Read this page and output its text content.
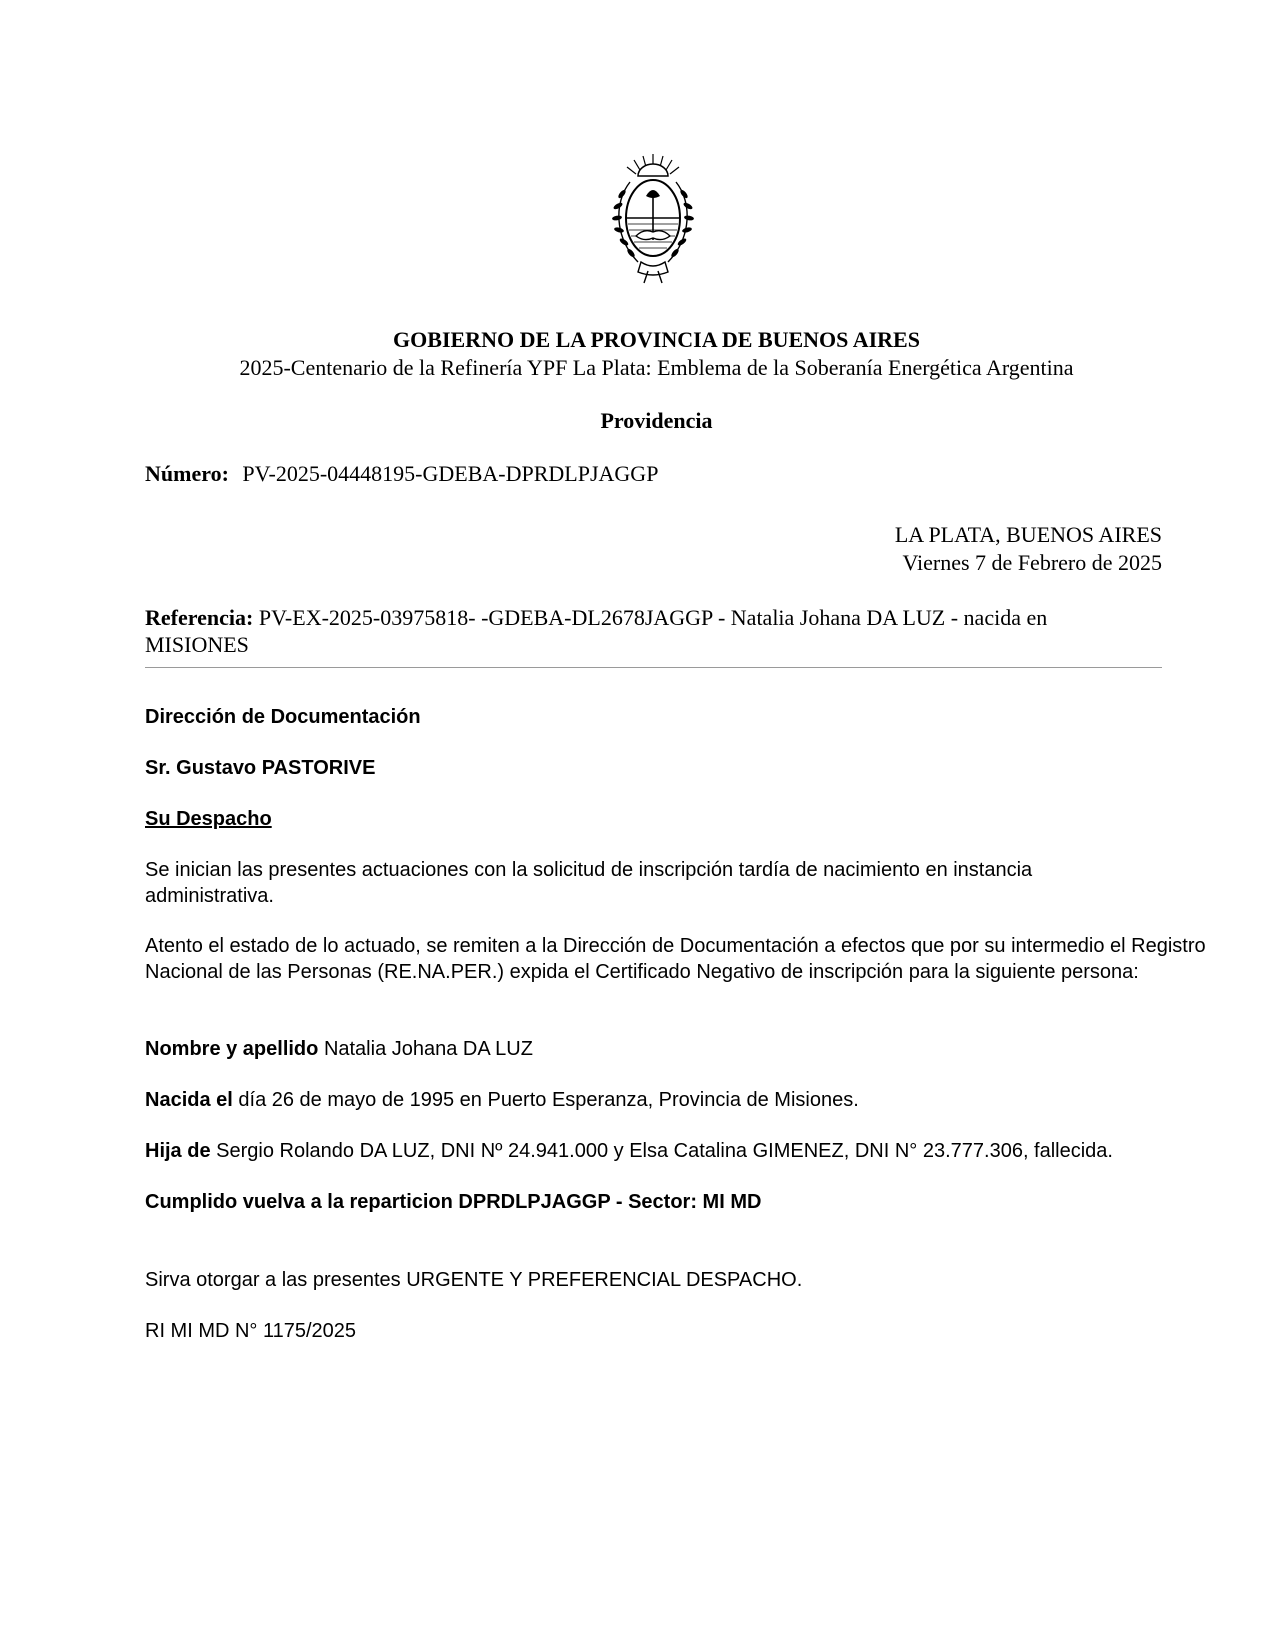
GOBIERNO DE LA PROVINCIA DE BUENOS AIRES
2025-Centenario de la Refinería YPF La Plata: Emblema de la Soberanía Energética Argentina
Providencia
Número: PV-2025-04448195-GDEBA-DPRDLPJAGGP
LA PLATA, BUENOS AIRES
Viernes 7 de Febrero de 2025
Referencia: PV-EX-2025-03975818- -GDEBA-DL2678JAGGP - Natalia Johana DA LUZ - nacida en MISIONES
Dirección de Documentación
Sr. Gustavo PASTORIVE
Su Despacho
Se inician las presentes actuaciones con la solicitud de inscripción tardía de nacimiento en instancia administrativa.
Atento el estado de lo actuado, se remiten a la Dirección de Documentación a efectos que por su intermedio el Registro Nacional de las Personas (RE.NA.PER.) expida el Certificado Negativo de inscripción para la siguiente persona:
Nombre y apellido Natalia Johana DA LUZ
Nacida el día 26 de mayo de 1995 en Puerto Esperanza, Provincia de Misiones.
Hija de Sergio Rolando DA LUZ, DNI Nº 24.941.000 y Elsa Catalina GIMENEZ, DNI N° 23.777.306, fallecida.
Cumplido vuelva a la reparticion DPRDLPJAGGP - Sector: MI MD
Sirva otorgar a las presentes URGENTE Y PREFERENCIAL DESPACHO.
RI MI MD N° 1175/2025
